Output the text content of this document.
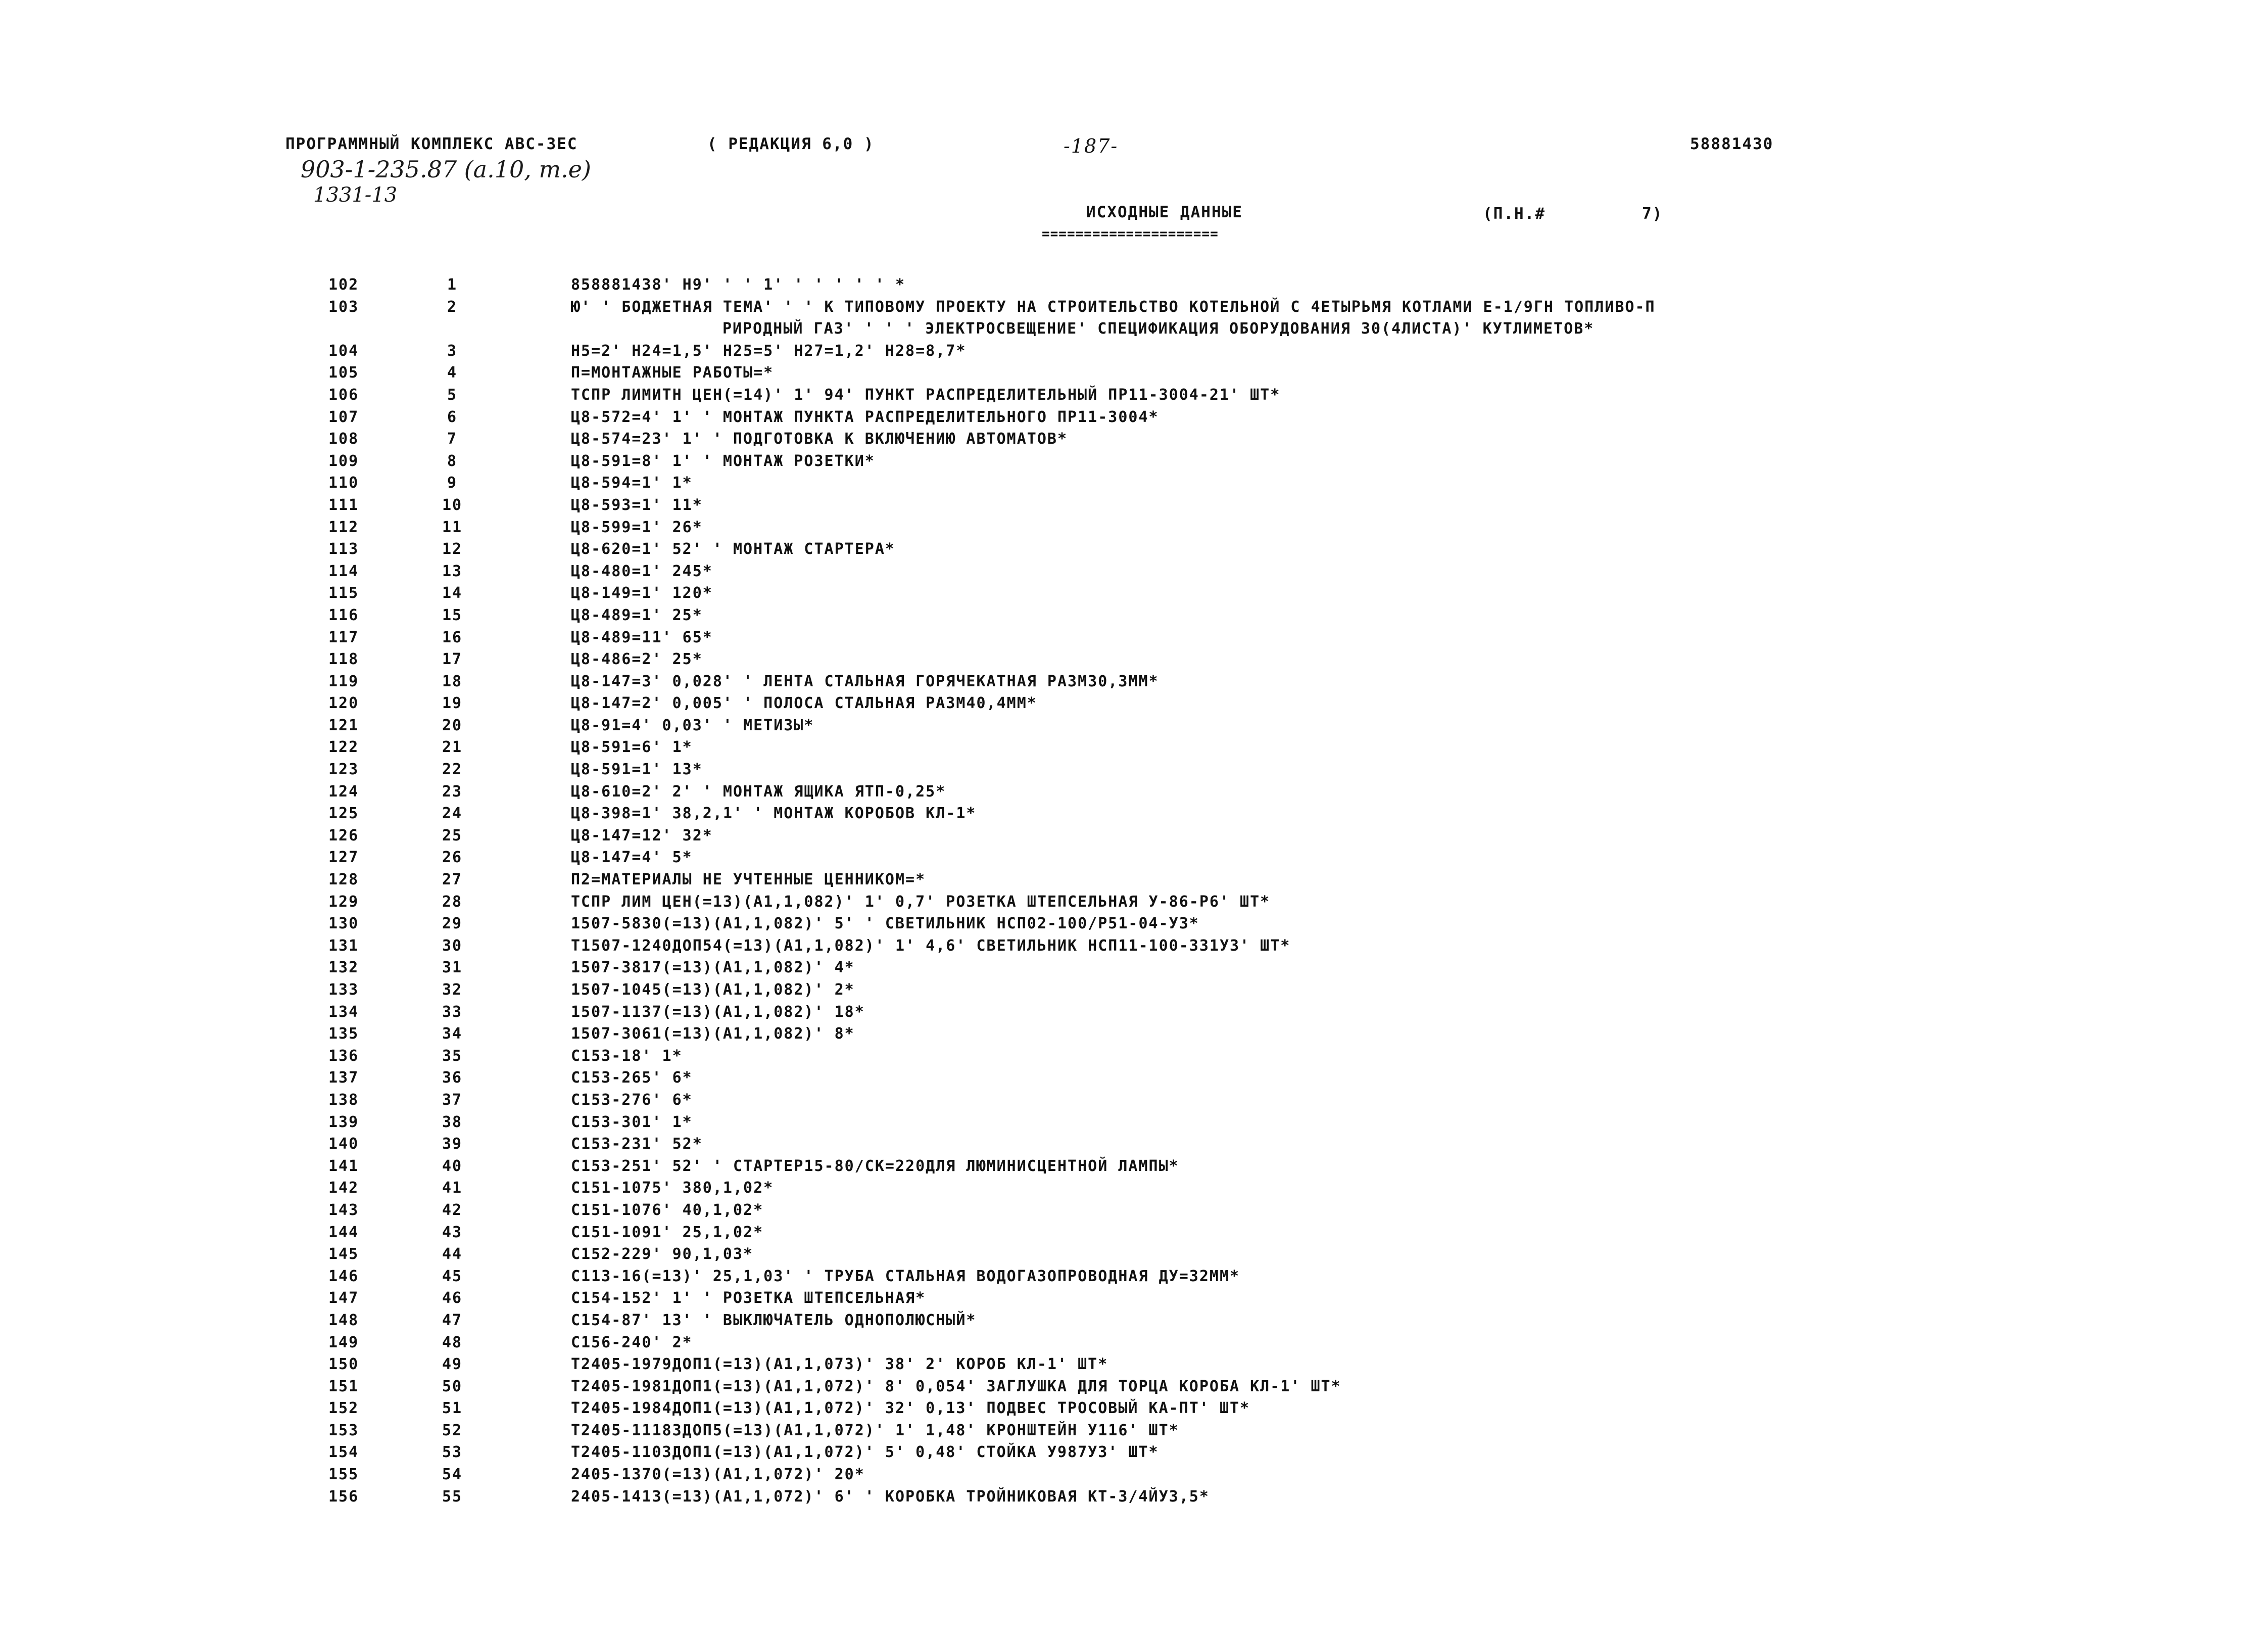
ПРОГРАММНЫЙ КОМПЛЕКС АВС-3ЕС	( РЕДАКЦИЯ 6,0 )	-187-	58881430
903-1-235.87 (а.10, т.е)
1331-13
ИСХОДНЫЕ ДАННЫЕ
=====================
(П.Н.#	7)
102	1	858881438' Н9' ' ' 1' ' ' ' ' ' *
103	2	Ю' ' БОДЖЕТНАЯ ТЕМА' ' ' К ТИПОВОМУ ПРОЕКТУ НА СТРОИТЕЛЬСТВО КОТЕЛЬНОЙ С 4ЕТЫРЬМЯ КОТЛАМИ Е-1/9ГН ТОПЛИВО-П
РИРОДНЫЙ ГАЗ' ' ' ' ЭЛЕКТРОСВЕЩЕНИЕ' СПЕЦИФИКАЦИЯ ОБОРУДОВАНИЯ 30(4ЛИСТА)' КУТЛИМЕТОВ*
104	3	Н5=2' Н24=1,5' Н25=5' Н27=1,2' Н28=8,7*
105	4	П=МОНТАЖНЫЕ РАБОТЫ=*
106	5	ТСПР ЛИМИТН ЦЕН(=14)' 1' 94' ПУНКТ РАСПРЕДЕЛИТЕЛЬНЫЙ ПР11-3004-21' ШТ*
107	6	Ц8-572=4' 1' ' МОНТАЖ ПУНКТА РАСПРЕДЕЛИТЕЛЬНОГО ПР11-3004*
108	7	Ц8-574=23' 1' ' ПОДГОТОВКА К ВКЛЮЧЕНИЮ АВТОМАТОВ*
109	8	Ц8-591=8' 1' ' МОНТАЖ РОЗЕТКИ*
110	9	Ц8-594=1' 1*
111	10	Ц8-593=1' 11*
112	11	Ц8-599=1' 26*
113	12	Ц8-620=1' 52' ' МОНТАЖ СТАРТЕРА*
114	13	Ц8-480=1' 245*
115	14	Ц8-149=1' 120*
116	15	Ц8-489=1' 25*
117	16	Ц8-489=11' 65*
118	17	Ц8-486=2' 25*
119	18	Ц8-147=3' 0,028' ' ЛЕНТА СТАЛЬНАЯ ГОРЯЧЕКАТНАЯ РАЗМ30,3ММ*
120	19	Ц8-147=2' 0,005' ' ПОЛОСА СТАЛЬНАЯ РАЗМ40,4ММ*
121	20	Ц8-91=4' 0,03' ' МЕТИЗЫ*
122	21	Ц8-591=6' 1*
123	22	Ц8-591=1' 13*
124	23	Ц8-610=2' 2' ' МОНТАЖ ЯЩИКА ЯТП-0,25*
125	24	Ц8-398=1' 38,2,1' ' МОНТАЖ КОРОБОВ КЛ-1*
126	25	Ц8-147=12' 32*
127	26	Ц8-147=4' 5*
128	27	П2=МАТЕРИАЛЫ НЕ УЧТЕННЫЕ ЦЕННИКОМ=*
129	28	ТСПР ЛИМ ЦЕН(=13)(А1,1,082)' 1' 0,7' РОЗЕТКА ШТЕПСЕЛЬНАЯ У-86-Р6' ШТ*
130	29	1507-5830(=13)(А1,1,082)' 5' ' СВЕТИЛЬНИК НСП02-100/Р51-04-У3*
131	30	Т1507-1240ДОП54(=13)(А1,1,082)' 1' 4,6' СВЕТИЛЬНИК НСП11-100-331У3' ШТ*
132	31	1507-3817(=13)(А1,1,082)' 4*
133	32	1507-1045(=13)(А1,1,082)' 2*
134	33	1507-1137(=13)(А1,1,082)' 18*
135	34	1507-3061(=13)(А1,1,082)' 8*
136	35	С153-18' 1*
137	36	С153-265' 6*
138	37	С153-276' 6*
139	38	С153-301' 1*
140	39	С153-231' 52*
141	40	С153-251' 52' ' СТАРТЕР15-80/СК=220ДЛЯ ЛЮМИНИСЦЕНТНОЙ ЛАМПЫ*
142	41	С151-1075' 380,1,02*
143	42	С151-1076' 40,1,02*
144	43	С151-1091' 25,1,02*
145	44	С152-229' 90,1,03*
146	45	С113-16(=13)' 25,1,03' ' ТРУБА СТАЛЬНАЯ ВОДОГАЗОПРОВОДНАЯ ДУ=32ММ*
147	46	С154-152' 1' ' РОЗЕТКА ШТЕПСЕЛЬНАЯ*
148	47	С154-87' 13' ' ВЫКЛЮЧАТЕЛЬ ОДНОПОЛЮСНЫЙ*
149	48	С156-240' 2*
150	49	Т2405-1979ДОП1(=13)(А1,1,073)' 38' 2' КОРОБ КЛ-1' ШТ*
151	50	Т2405-1981ДОП1(=13)(А1,1,072)' 8' 0,054' ЗАГЛУШКА ДЛЯ ТОРЦА КОРОБА КЛ-1' ШТ*
152	51	Т2405-1984ДОП1(=13)(А1,1,072)' 32' 0,13' ПОДВЕС ТРОСОВЫЙ КА-ПТ' ШТ*
153	52	Т2405-1118ЗДОП5(=13)(А1,1,072)' 1' 1,48' КРОНШТЕЙН У116' ШТ*
154	53	Т2405-1103ДОП1(=13)(А1,1,072)' 5' 0,48' СТОЙКА У987У3' ШТ*
155	54	2405-1370(=13)(А1,1,072)' 20*
156	55	2405-1413(=13)(А1,1,072)' 6' ' КОРОБКА ТРОЙНИКОВАЯ КТ-3/4ЙУ3,5*
